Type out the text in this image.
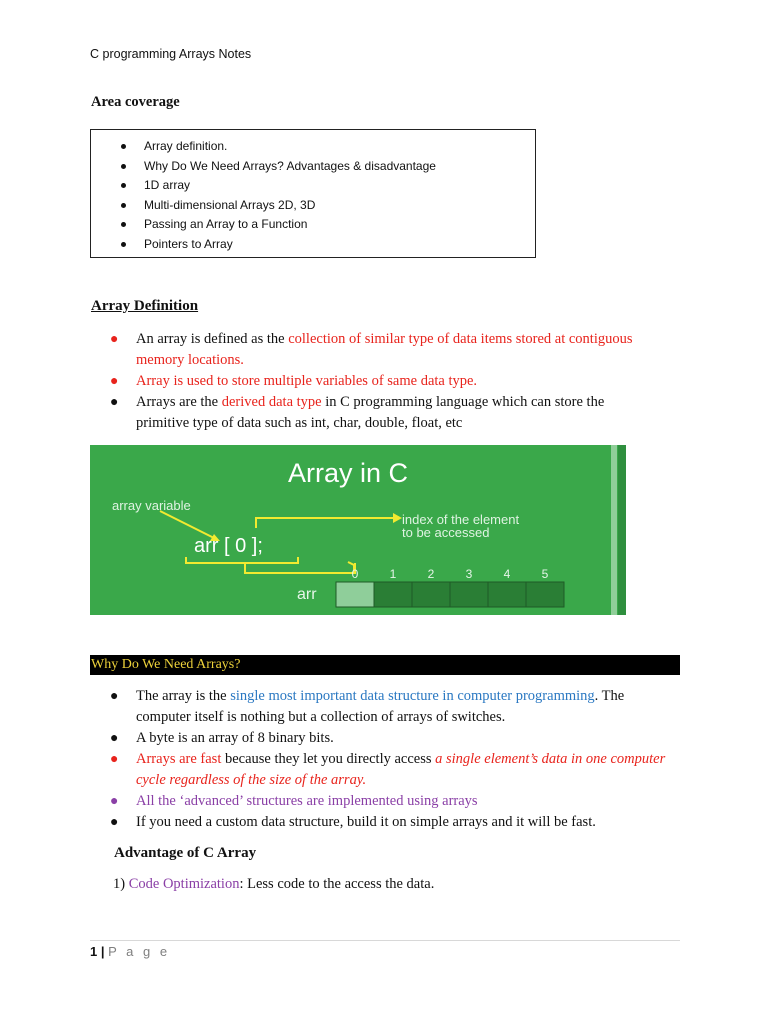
C programming Arrays Notes
Area coverage
Array definition.
Why Do We Need Arrays? Advantages & disadvantage
1D array
Multi-dimensional Arrays 2D, 3D
Passing an Array to a Function
Pointers to Array
Array Definition
● An array is defined as the collection of similar type of data items stored at contiguous memory locations.
● Array is used to store multiple variables of same data type.
● Arrays are the derived data type in C programming language which can store the primitive type of data such as int, char, double, float, etc
Array in C
array variable
arr [ 0 ];
index of the element
to be accessed
arr
0	1	2	3	4	5
Why Do We Need Arrays?
● The array is the single most important data structure in computer programming. The computer itself is nothing but a collection of arrays of switches.
● A byte is an array of 8 binary bits.
● Arrays are fast because they let you directly access a single element’s data in one computer cycle regardless of the size of the array.
● All the ‘advanced’ structures are implemented using arrays
● If you need a custom data structure, build it on simple arrays and it will be fast.
Advantage of C Array
1) Code Optimization: Less code to the access the data.
1 | P a g e
